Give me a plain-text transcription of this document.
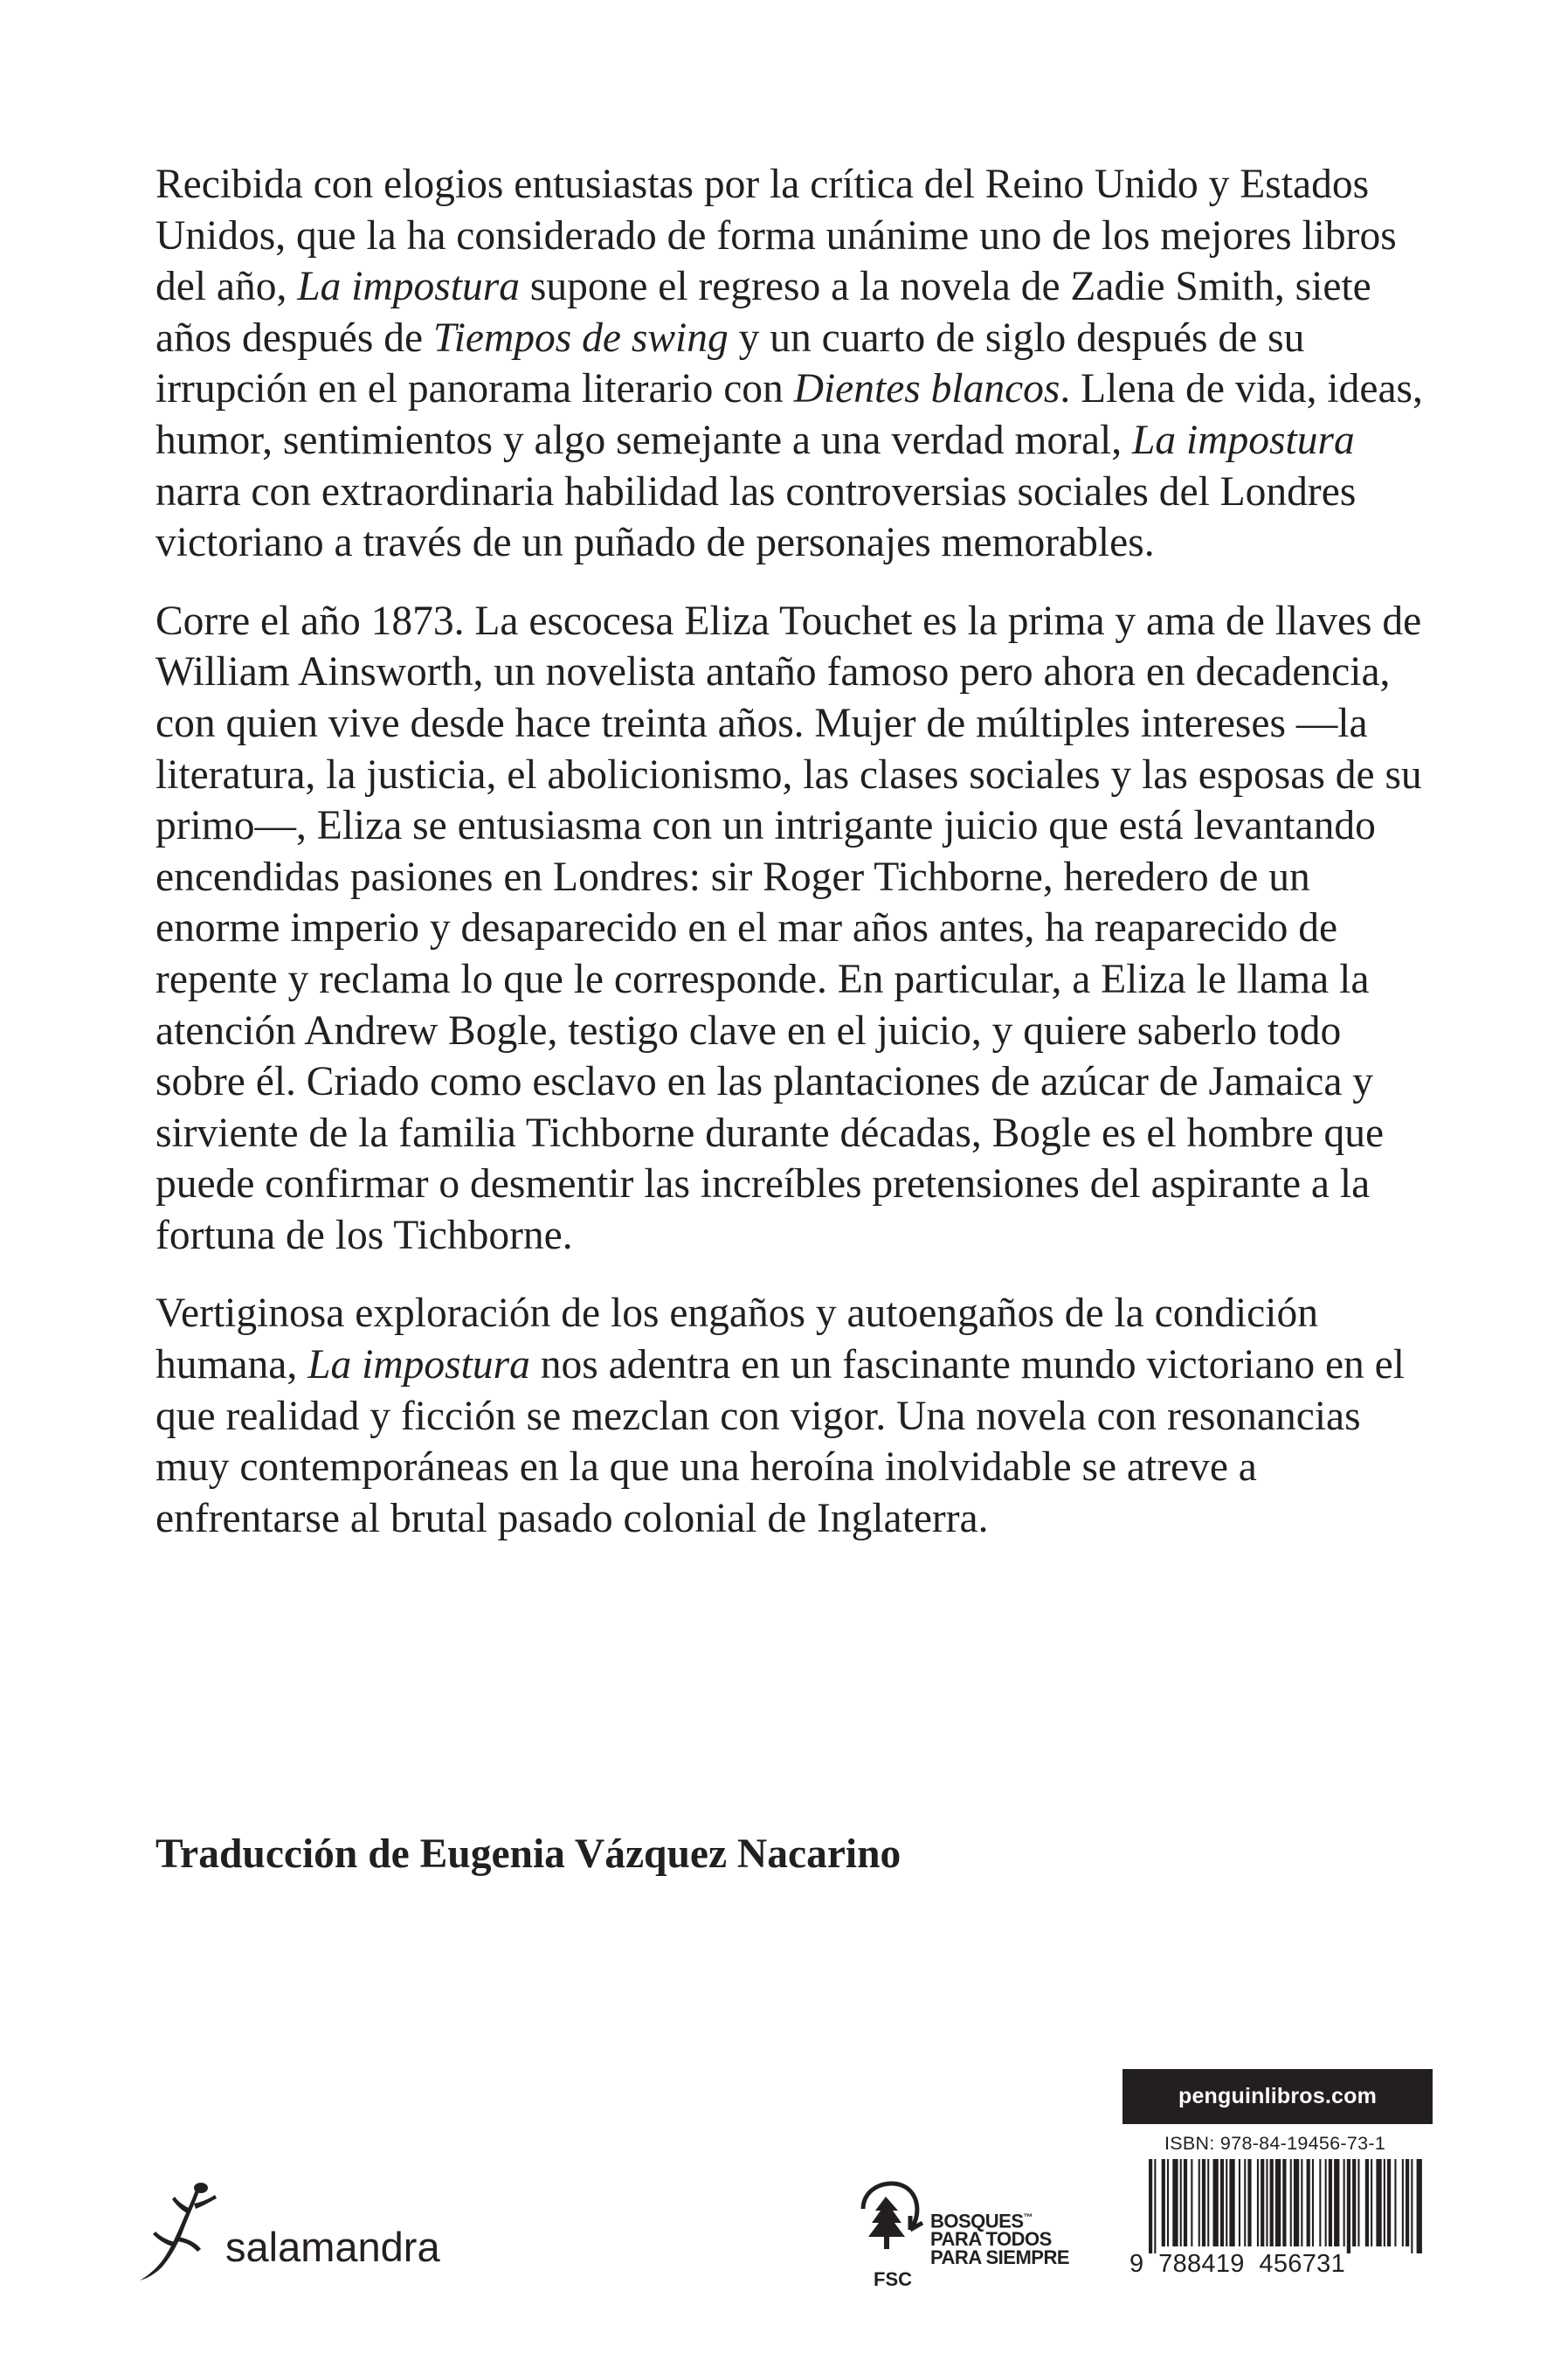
Recibida con elogios entusiastas por la crítica del Reino Unido y Estados Unidos, que la ha considerado de forma unánime uno de los mejores libros del año, La impostura supone el regreso a la novela de Zadie Smith, siete años después de Tiempos de swing y un cuarto de siglo después de su irrupción en el panorama literario con Dientes blancos. Llena de vida, ideas, humor, sentimientos y algo semejante a una verdad moral, La impostura narra con extraordinaria habilidad las controversias sociales del Londres victoriano a través de un puñado de personajes memorables.

Corre el año 1873. La escocesa Eliza Touchet es la prima y ama de llaves de William Ainsworth, un novelista antaño famoso pero ahora en decadencia, con quien vive desde hace treinta años. Mujer de múltiples intereses —la literatura, la justicia, el abolicionismo, las clases sociales y las esposas de su primo—, Eliza se entusiasma con un intrigante juicio que está levantando encendidas pasiones en Londres: sir Roger Tichborne, heredero de un enorme imperio y desaparecido en el mar años antes, ha reaparecido de repente y reclama lo que le corresponde. En particular, a Eliza le llama la atención Andrew Bogle, testigo clave en el juicio, y quiere saberlo todo sobre él. Criado como esclavo en las plantaciones de azúcar de Jamaica y sirviente de la familia Tichborne durante décadas, Bogle es el hombre que puede confirmar o desmentir las increíbles pretensiones del aspirante a la fortuna de los Tichborne.

Vertiginosa exploración de los engaños y autoengaños de la condición humana, La impostura nos adentra en un fascinante mundo victoriano en el que realidad y ficción se mezclan con vigor. Una novela con resonancias muy contemporáneas en la que una heroína inolvidable se atreve a enfrentarse al brutal pasado colonial de Inglaterra.

Traducción de Eugenia Vázquez Nacarino
salamandra
FSC
BOSQUES™
PARA TODOS
PARA SIEMPRE
penguinlibros.com
ISBN: 978-84-19456-73-1
9  788419  456731
